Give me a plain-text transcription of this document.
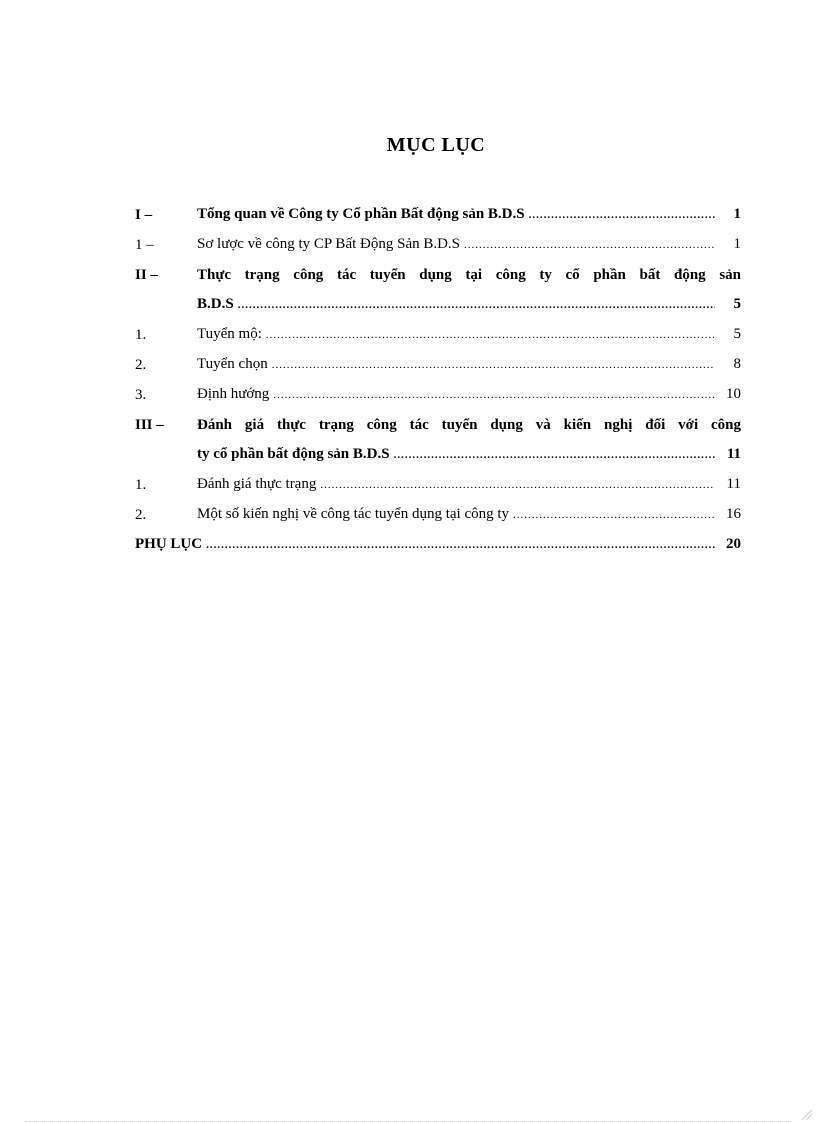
MỤC LỤC
I –	Tổng quan về Công ty Cổ phần Bất động sản B.D.S .....	1
1 –	Sơ lược về công ty CP Bất Động Sản B.D.S .....	1
II –	Thực trạng công tác tuyển dụng tại công ty cổ phần bất động sản
B.D.S .....	5
1.	Tuyển mộ: .....	5
2.	Tuyển chọn .....	8
3.	Định hướng .....	10
III – Đánh giá thực trạng công tác tuyển dụng và kiến nghị đối với công
ty cổ phần bất động sản B.D.S .....	11
1.	Đánh giá thực trạng .....	11
2.	Một số kiến nghị về công tác tuyển dụng tại công ty .....	16
PHỤ LỤC .....	20
